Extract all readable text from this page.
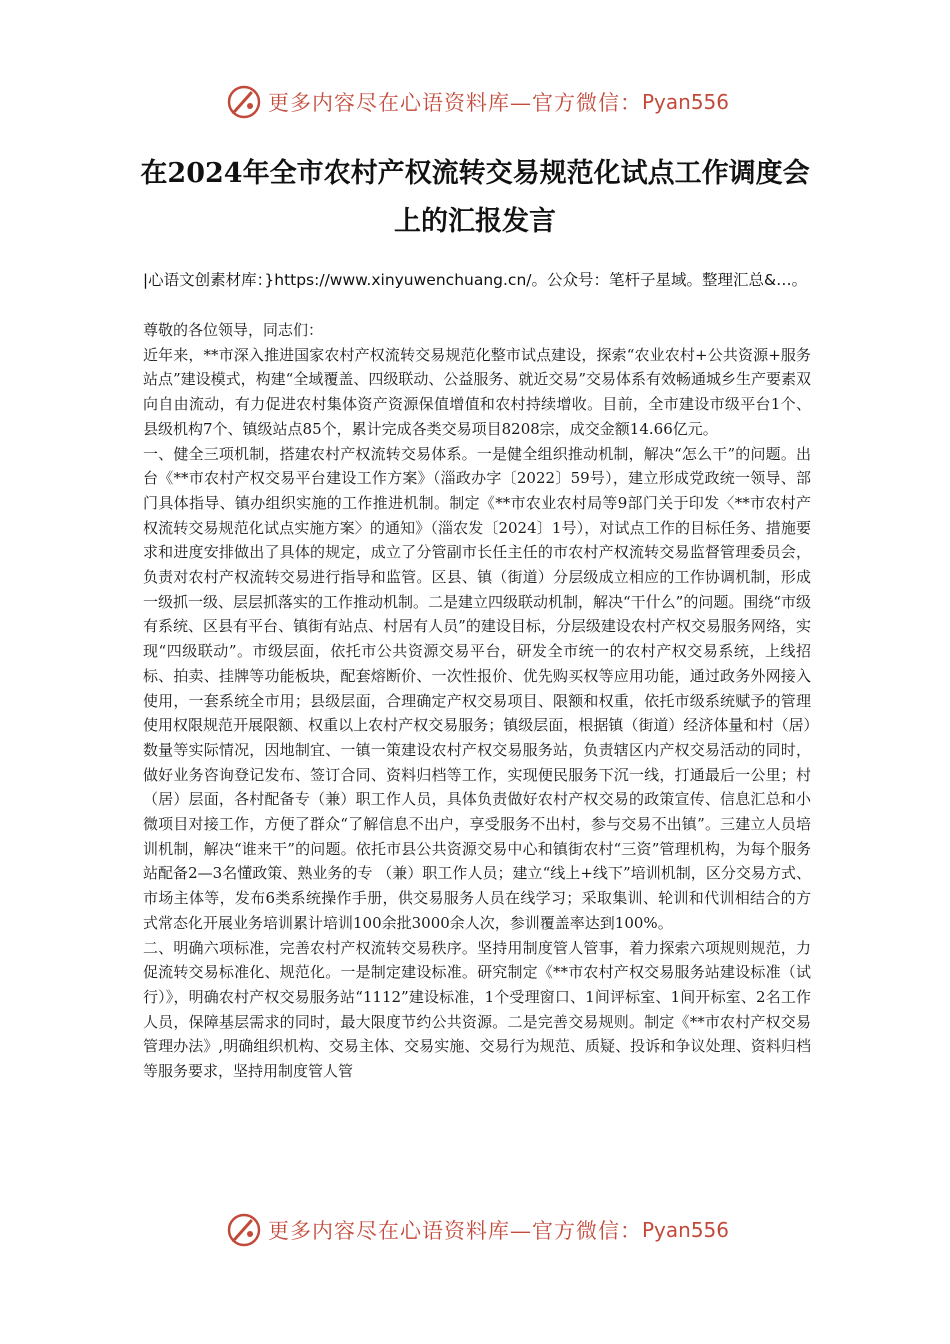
更多内容尽在心语资料库—官方微信： Pyan556
在2024年全市农村产权流转交易规范化试点工作调度会上的汇报发言
|心语文创素材库：}https://www.xinyuwenchuang.cn/。公众号：笔杆子星域。整理汇总&…。

尊敬的各位领导，同志们：

近年来，**市深入推进国家农村产权流转交易规范化整市试点建设，探索“农业农村+公共资源+服务站点”建设模式，构建“全域覆盖、四级联动、公益服务、就近交易”交易体系有效畅通城乡生产要素双向自由流动，有力促进农村集体资产资源保值增值和农村持续增收。目前，全市建设市级平台1个、县级机构7个、镇级站点85个，累计完成各类交易项目8208宗，成交金额14.66亿元。

一、健全三项机制，搭建农村产权流转交易体系。一是健全组织推动机制，解决“怎么干”的问题。出台《**市农村产权交易平台建设工作方案》（淄政办字〔2022〕59号），建立形成党政统一领导、部门具体指导、镇办组织实施的工作推进机制。制定《**市农业农村局等9部门关于印发〈**市农村产权流转交易规范化试点实施方案〉的通知》（淄农发〔2024〕1号），对试点工作的目标任务、措施要求和进度安排做出了具体的规定，成立了分管副市长任主任的市农村产权流转交易监督管理委员会，负责对农村产权流转交易进行指导和监管。区县、镇（街道）分层级成立相应的工作协调机制，形成一级抓一级、层层抓落实的工作推动机制。二是建立四级联动机制，解决“干什么”的问题。围绕“市级有系统、区县有平台、镇街有站点、村居有人员”的建设目标，分层级建设农村产权交易服务网络，实现“四级联动”。市级层面，依托市公共资源交易平台，研发全市统一的农村产权交易系统，上线招标、拍卖、挂牌等功能板块，配套熔断价、一次性报价、优先购买权等应用功能，通过政务外网接入使用，一套系统全市用；县级层面，合理确定产权交易项目、限额和权重，依托市级系统赋予的管理使用权限规范开展限额、权重以上农村产权交易服务；镇级层面，根据镇（街道）经济体量和村（居）数量等实际情况，因地制宜、一镇一策建设农村产权交易服务站，负责辖区内产权交易活动的同时，做好业务咨询登记发布、签订合同、资料归档等工作，实现便民服务下沉一线，打通最后一公里；村（居）层面，各村配备专（兼）职工作人员，具体负责做好农村产权交易的政策宣传、信息汇总和小微项目对接工作，方便了群众“了解信息不出户，享受服务不出村，参与交易不出镇”。三建立人员培训机制，解决“谁来干”的问题。依托市县公共资源交易中心和镇街农村“三资”管理机构，为每个服务站配备2—3名懂政策、熟业务的专 （兼）职工作人员；建立“线上+线下”培训机制，区分交易方式、市场主体等，发布6类系统操作手册，供交易服务人员在线学习；采取集训、轮训和代训相结合的方式常态化开展业务培训累计培训100余批3000余人次，参训覆盖率达到100%。

二、明确六项标准，完善农村产权流转交易秩序。坚持用制度管人管事，着力探索六项规则规范，力促流转交易标准化、规范化。一是制定建设标准。研究制定《**市农村产权交易服务站建设标准（试行）》，明确农村产权交易服务站“1112”建设标准，1个受理窗口、1间评标室、1间开标室、2名工作人员，保障基层需求的同时，最大限度节约公共资源。二是完善交易规则。制定《**市农村产权交易管理办法》,明确组织机构、交易主体、交易实施、交易行为规范、质疑、投诉和争议处理、资料归档等服务要求，坚持用制度管人管

更多内容尽在心语资料库—官方微信： Pyan556
